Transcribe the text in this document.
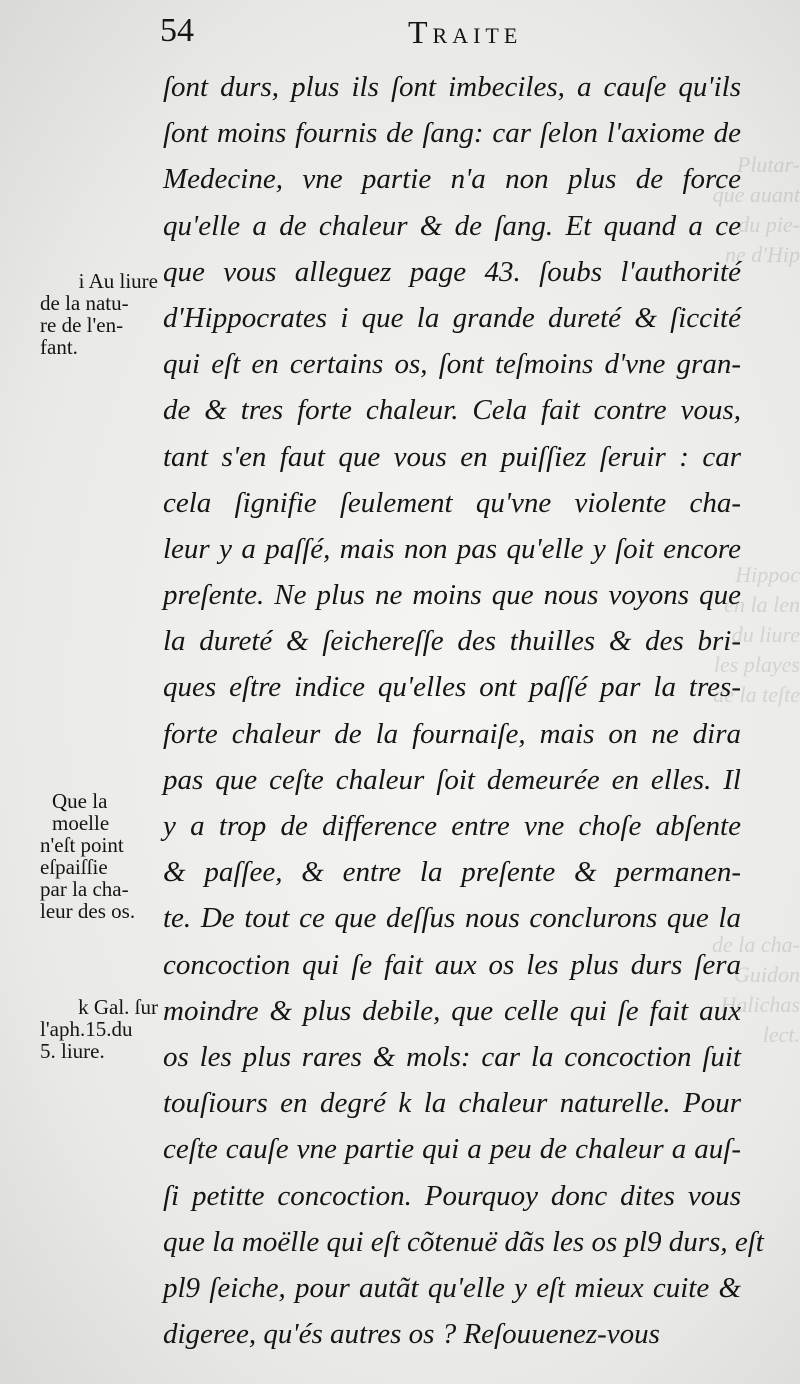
Plutar-
que auant
du pie-
ne d'Hip
Hippoc
en la len
du liure
les playes
de la teſte
de la cha-
Guidon
Halichas
lect.
54	Traite
ſont durs, plus ils ſont imbeciles, a cauſe qu'ils
ſont moins fournis de ſang: car ſelon l'axiome de
Medecine, vne partie n'a non plus de force
qu'elle a de chaleur & de ſang. Et quand a ce
que vous alleguez page 43. ſoubs l'authorité
d'Hippocrates i que la grande dureté & ſiccité
qui eſt en certains os, ſont teſmoins d'vne gran-
de & tres forte chaleur. Cela fait contre vous,
tant s'en faut que vous en puiſſiez ſeruir : car
cela ſignifie ſeulement qu'vne violente cha-
leur y a paſſé, mais non pas qu'elle y ſoit encore
preſente. Ne plus ne moins que nous voyons que
la dureté & ſeichereſſe des thuilles & des bri-
ques eſtre indice qu'elles ont paſſé par la tres-
forte chaleur de la fournaiſe, mais on ne dira
pas que ceſte chaleur ſoit demeurée en elles. Il
y a trop de difference entre vne choſe abſente
& paſſee, & entre la preſente & permanen-
te. De tout ce que deſſus nous conclurons que la
concoction qui ſe fait aux os les plus durs ſera
moindre & plus debile, que celle qui ſe fait aux
os les plus rares & mols: car la concoction ſuit
touſiours en degré k la chaleur naturelle. Pour
ceſte cauſe vne partie qui a peu de chaleur a auſ-
ſi petitte concoction. Pourquoy donc dites vous
que la moëlle qui eſt cõtenuë dãs les os pl9 durs, eſt
pl9 ſeiche, pour autãt qu'elle y eſt mieux cuite &
digeree, qu'és autres os ? Reſouuenez-vous
i Au liure
de la natu-
re de l'en-
fant.
Que la
moelle
n'eſt point
eſpaiſſie
par la cha-
leur des os.
k Gal. ſur
l'aph.15.du
5. liure.
